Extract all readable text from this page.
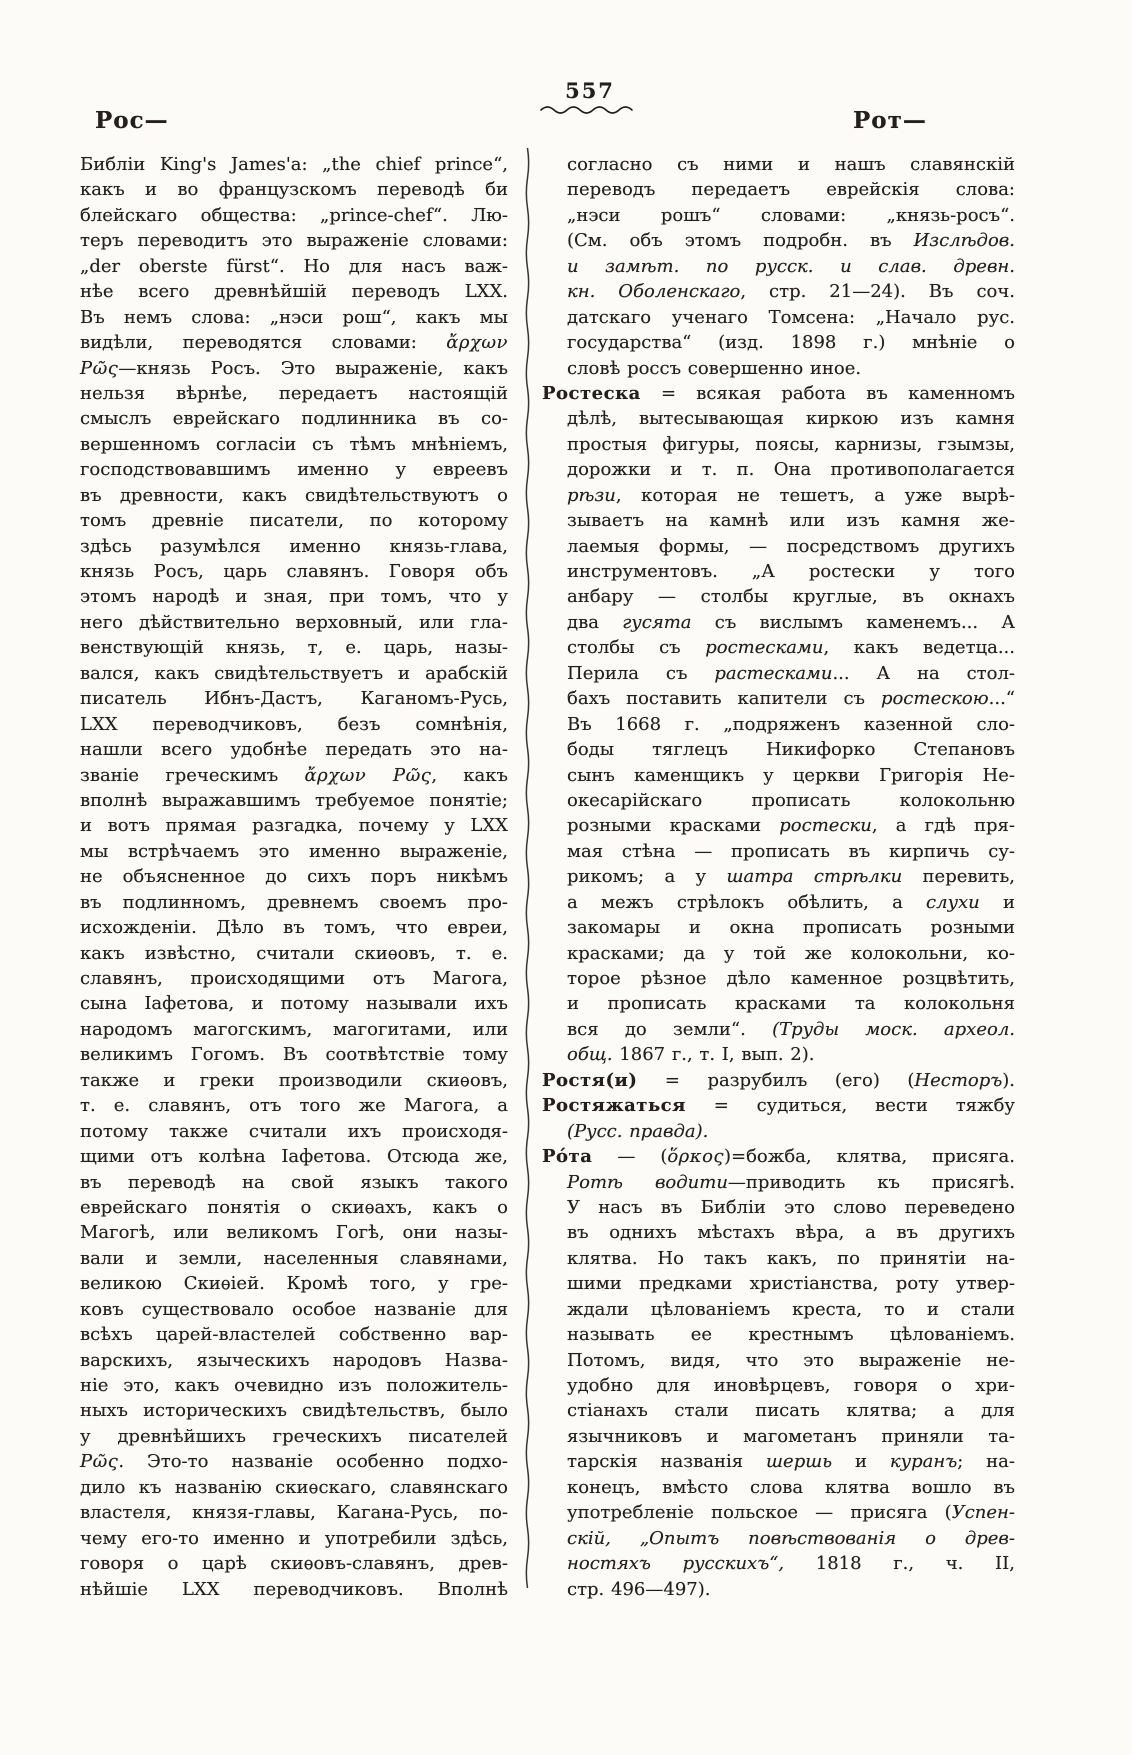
557
Рос—	Рот—
Библіи King's James'a: „the chief prince“,
какъ и во французскомъ переводѣ би
блейскаго общества: „prince-chef“. Лю-
теръ переводитъ это выраженіе словами:
„der oberste fürst“. Но для насъ важ-
нѣе всего древнѣйшій переводъ LXX.
Въ немъ слова: „нэси рош“, какъ мы
видѣли, переводятся словами: ἄρχων
Ρῶς—князь Росъ. Это выраженіе, какъ
нельзя вѣрнѣе, передаетъ настоящій
смыслъ еврейскаго подлинника въ со-
вершенномъ согласіи съ тѣмъ мнѣніемъ,
господствовавшимъ именно у евреевъ
въ древности, какъ свидѣтельствуютъ о
томъ древніе писатели, по которому
здѣсь разумѣлся именно князь-глава,
князь Росъ, царь славянъ. Говоря объ
этомъ народѣ и зная, при томъ, что у
него дѣйствительно верховный, или гла-
венствующій князь, т, е. царь, назы-
вался, какъ свидѣтельствуетъ и арабскій
писатель Ибнъ-Дастъ, Каганомъ-Русь,
LXX переводчиковъ, безъ сомнѣнія,
нашли всего удобнѣе передать это на-
званіе греческимъ ἄρχων Ρῶς, какъ
вполнѣ выражавшимъ требуемое понятіе;
и вотъ прямая разгадка, почему у LXX
мы встрѣчаемъ это именно выраженіе,
не объясненное до сихъ поръ никѣмъ
въ подлинномъ, древнемъ своемъ про-
исхожденіи. Дѣло въ томъ, что евреи,
какъ извѣстно, считали скиѳовъ, т. е.
славянъ, происходящими отъ Магога,
сына Іафетова, и потому называли ихъ
народомъ магогскимъ, магогитами, или
великимъ Гогомъ. Въ соотвѣтствіе тому
также и греки производили скиѳовъ,
т. е. славянъ, отъ того же Магога, а
потому также считали ихъ происходя-
щими отъ колѣна Іафетова. Отсюда же,
въ переводѣ на свой языкъ такого
еврейскаго понятія о скиѳахъ, какъ о
Магогѣ, или великомъ Гогѣ, они назы-
вали и земли, населенныя славянами,
великою Скиѳіей. Кромѣ того, у гре-
ковъ существовало особое названіе для
всѣхъ царей-властелей собственно вар-
варскихъ, языческихъ народовъ Назва-
ніе это, какъ очевидно изъ положитель-
ныхъ историческихъ свидѣтельствъ, было
у древнѣйшихъ греческихъ писателей
Ρῶς. Это-то названіе особенно подхо-
дило къ названію скиѳскаго, славянскаго
властеля, князя-главы, Кагана-Русь, по-
чему его-то именно и употребили здѣсь,
говоря о царѣ скиѳовъ-славянъ, древ-
нѣйшіе LXX переводчиковъ. Вполнѣ
согласно съ ними и нашъ славянскій
переводъ передаетъ еврейскія слова:
„нэси рошъ“ словами: „князь-росъ“.
(См. объ этомъ подробн. въ Изслѣдов.
и замѣт. по русск. и слав. древн.
кн. Оболенскаго, стр. 21—24). Въ соч.
датскаго ученаго Томсена: „Начало рус.
государства“ (изд. 1898 г.) мнѣніе о
словѣ россъ совершенно иное.
Ростеска = всякая работа въ каменномъ
дѣлѣ, вытесывающая киркою изъ камня
простыя фигуры, поясы, карнизы, гзымзы,
дорожки и т. п. Она противополагается
рѣзи, которая не тешетъ, а уже вырѣ-
зываетъ на камнѣ или изъ камня же-
лаемыя формы, — посредствомъ другихъ
инструментовъ. „А ростески у того
анбару — столбы круглые, въ окнахъ
два гусята съ вислымъ каменемъ... А
столбы съ ростесками, какъ ведетца...
Перила съ растесками... А на стол-
бахъ поставить капители съ ростескою...“
Въ 1668 г. „подряженъ казенной сло-
боды тяглецъ Никифорко Степановъ
сынъ каменщикъ у церкви Григорія Не-
окесарійскаго прописать колокольню
розными красками ростески, а гдѣ пря-
мая стѣна — прописать въ кирпичь су-
рикомъ; а у шатра стрѣлки перевить,
а межъ стрѣлокъ обѣлить, а слухи и
закомары и окна прописать розными
красками; да у той же колокольни, ко-
торое рѣзное дѣло каменное розцвѣтить,
и прописать красками та колокольня
вся до земли“. (Труды моск. археол.
общ. 1867 г., т. I, вып. 2).
Ростя(и) = разрубилъ (его) (Несторъ).
Ростяжаться = судиться, вести тяжбу
(Русс. правда).
Ро́та — (ὅρκος)=божба, клятва, присяга.
Ротѣ водити—приводить къ присягѣ.
У насъ въ Библіи это слово переведено
въ однихъ мѣстахъ вѣра, а въ другихъ
клятва. Но такъ какъ, по принятіи на-
шими предками христіанства, роту утвер-
ждали цѣлованіемъ креста, то и стали
называть ее крестнымъ цѣлованіемъ.
Потомъ, видя, что это выраженіе не-
удобно для иновѣрцевъ, говоря о хри-
стіанахъ стали писать клятва; а для
язычниковъ и магометанъ приняли та-
тарскія названія шершь и куранъ; на-
конецъ, вмѣсто слова клятва вошло въ
употребленіе польское — присяга (Успен-
скій, „Опытъ повѣствованія о древ-
ностяхъ русскихъ“, 1818 г., ч. II,
стр. 496—497).
